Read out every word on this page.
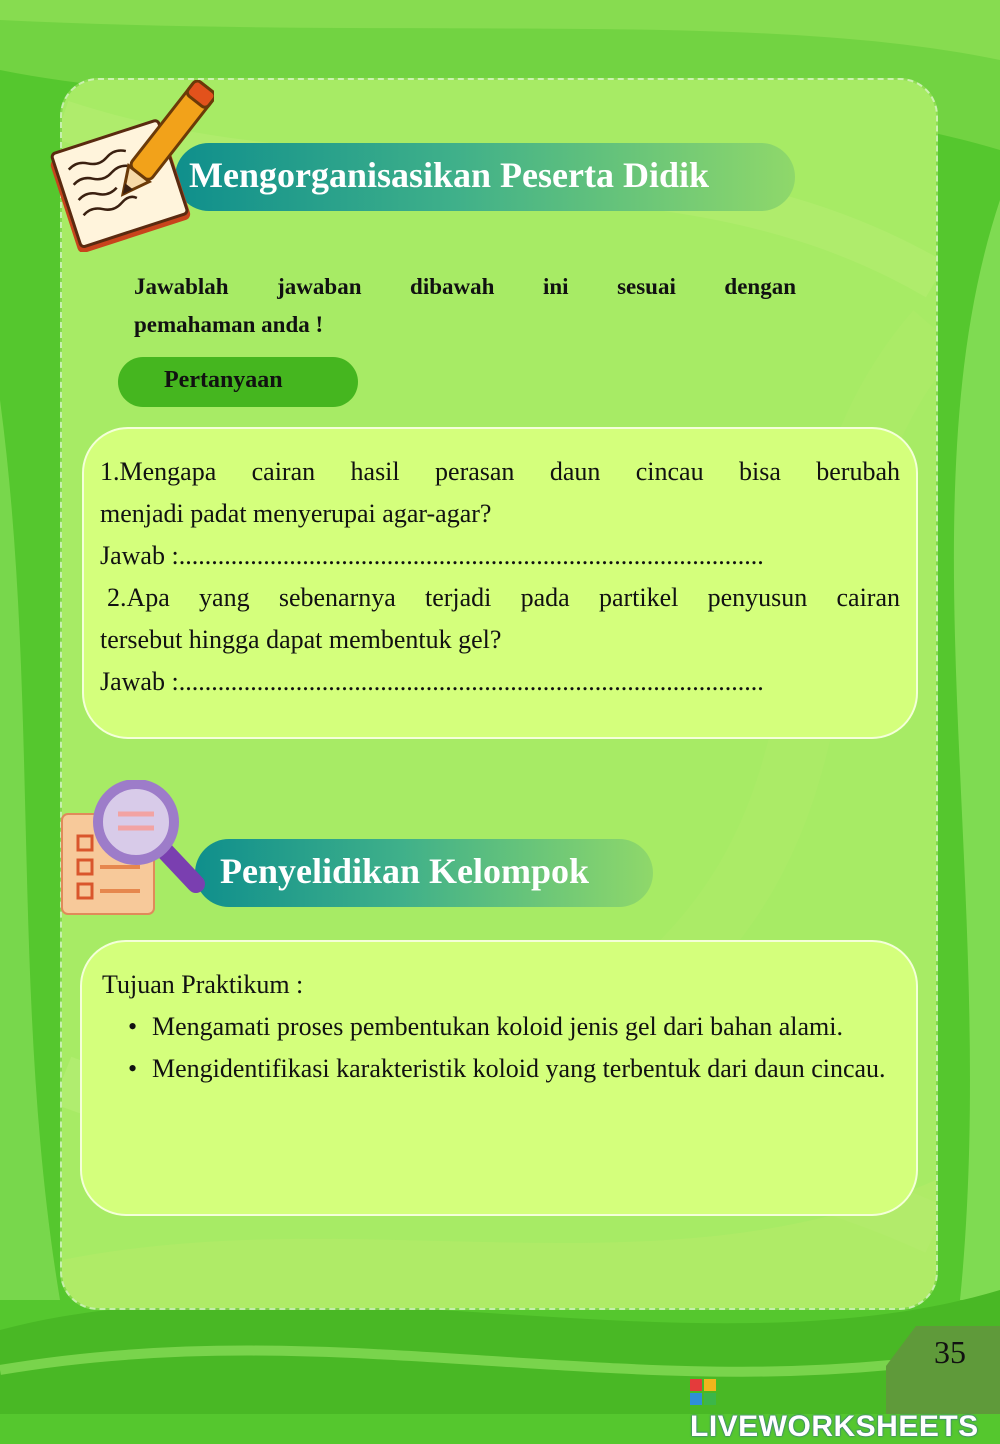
Mengorganisasikan Peserta Didik
Jawablah jawaban dibawah ini sesuai dengan
pemahaman anda !
Pertanyaan
1.Mengapa cairan hasil perasan daun cincau bisa berubah
menjadi padat menyerupai agar-agar?
Jawab :..........................................................................................
2.Apa yang sebenarnya terjadi pada partikel penyusun cairan
tersebut hingga dapat membentuk gel?
Jawab :..........................................................................................
Penyelidikan Kelompok
Tujuan Praktikum :
• Mengamati proses pembentukan koloid jenis gel dari bahan alami.
• Mengidentifikasi karakteristik koloid yang terbentuk dari daun cincau.
35
LIVEWORKSHEETS
